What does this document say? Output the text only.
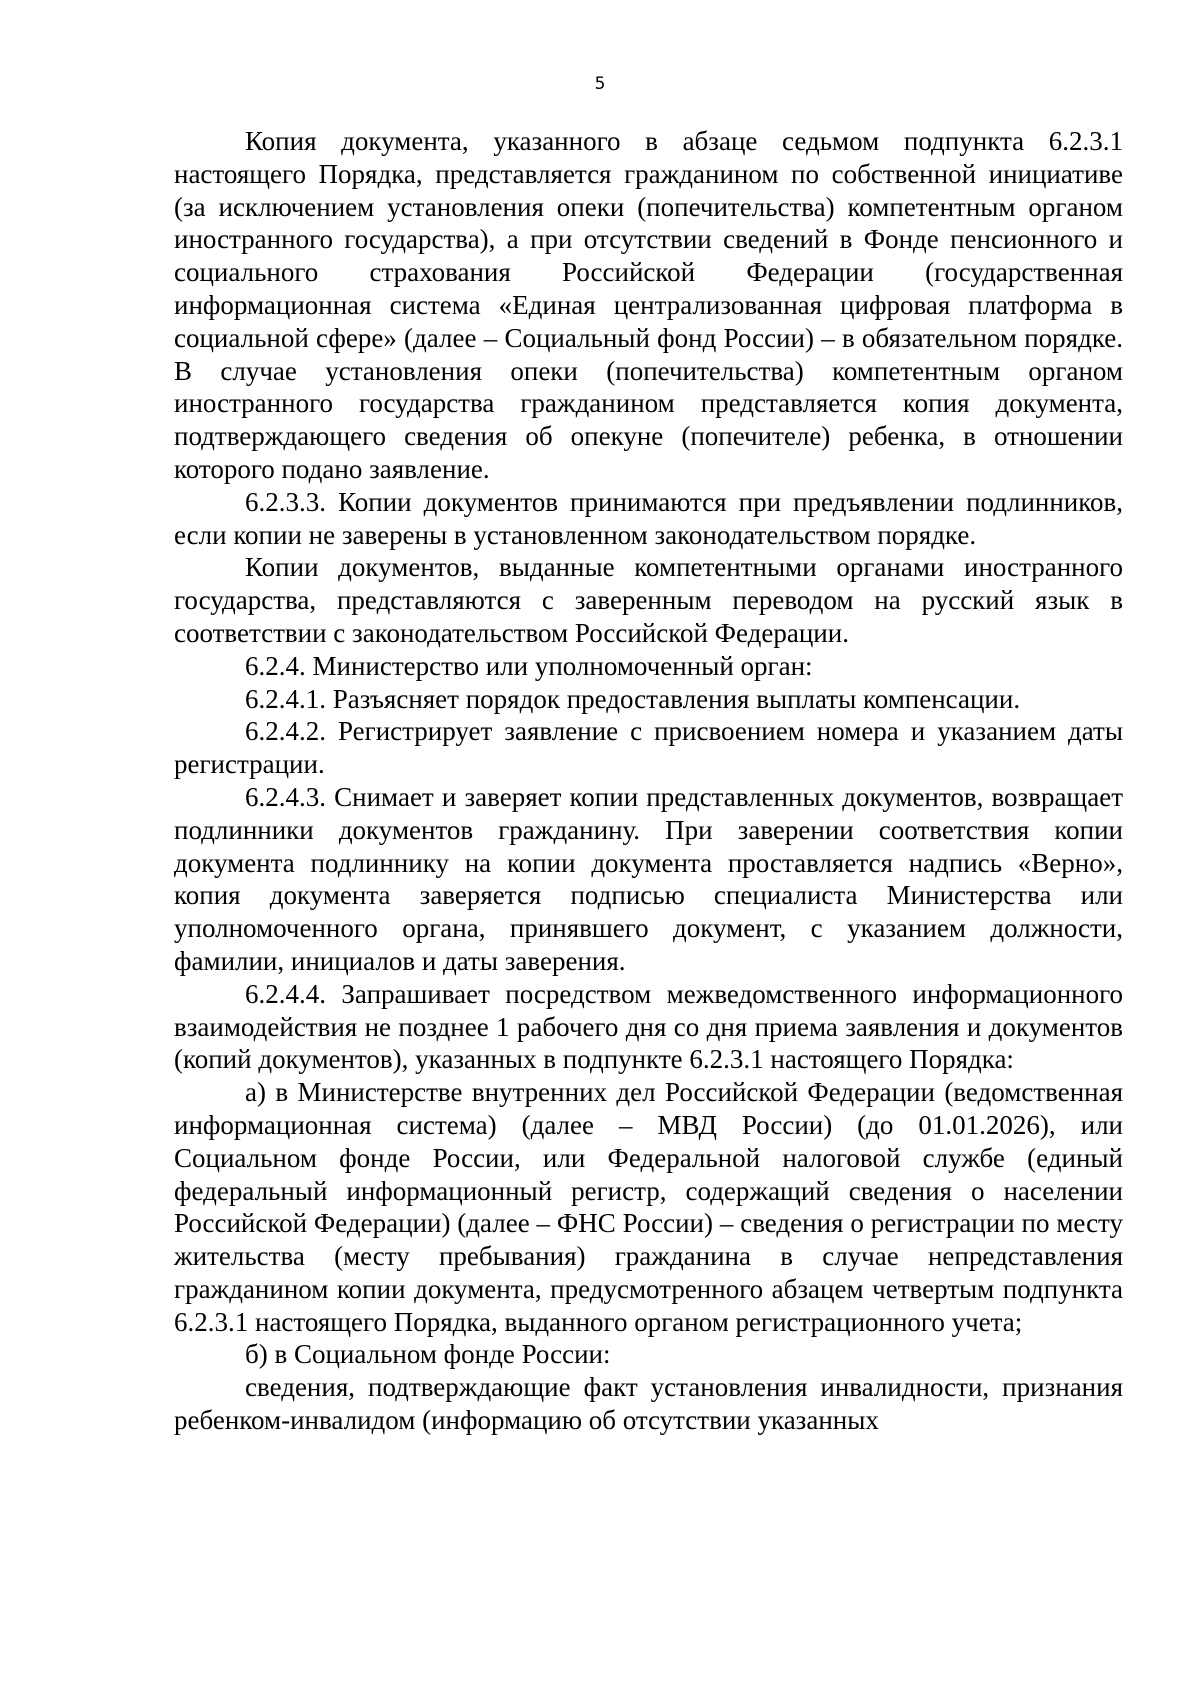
5

Копия документа, указанного в абзаце седьмом подпункта 6.2.3.1 настоящего Порядка, представляется гражданином по собственной инициативе (за исключением установления опеки (попечительства) компетентным органом иностранного государства), а при отсутствии сведений в Фонде пенсионного и социального страхования Российской Федерации (государственная информационная система «Единая централизованная цифровая платформа в социальной сфере» (далее – Социальный фонд России) – в обязательном порядке. В случае установления опеки (попечительства) компетентным органом иностранного государства гражданином представляется копия документа, подтверждающего сведения об опекуне (попечителе) ребенка, в отношении которого подано заявление.

6.2.3.3. Копии документов принимаются при предъявлении подлинников, если копии не заверены в установленном законодательством порядке.

Копии документов, выданные компетентными органами иностранного государства, представляются с заверенным переводом на русский язык в соответствии с законодательством Российской Федерации.

6.2.4. Министерство или уполномоченный орган:

6.2.4.1. Разъясняет порядок предоставления выплаты компенсации.

6.2.4.2. Регистрирует заявление с присвоением номера и указанием даты регистрации.

6.2.4.3. Снимает и заверяет копии представленных документов, возвращает подлинники документов гражданину. При заверении соответствия копии документа подлиннику на копии документа проставляется надпись «Верно», копия документа заверяется подписью специалиста Министерства или уполномоченного органа, принявшего документ, с указанием должности, фамилии, инициалов и даты заверения.

6.2.4.4. Запрашивает посредством межведомственного информационного взаимодействия не позднее 1 рабочего дня со дня приема заявления и документов (копий документов), указанных в подпункте 6.2.3.1 настоящего Порядка:

а) в Министерстве внутренних дел Российской Федерации (ведомственная информационная система) (далее – МВД России) (до 01.01.2026), или Социальном фонде России, или Федеральной налоговой службе (единый федеральный информационный регистр, содержащий сведения о населении Российской Федерации) (далее – ФНС России) – сведения о регистрации по месту жительства (месту пребывания) гражданина в случае непредставления гражданином копии документа, предусмотренного абзацем четвертым подпункта 6.2.3.1 настоящего Порядка, выданного органом регистрационного учета;

б) в Социальном фонде России:

сведения, подтверждающие факт установления инвалидности, признания ребенком-инвалидом (информацию об отсутствии указанных
